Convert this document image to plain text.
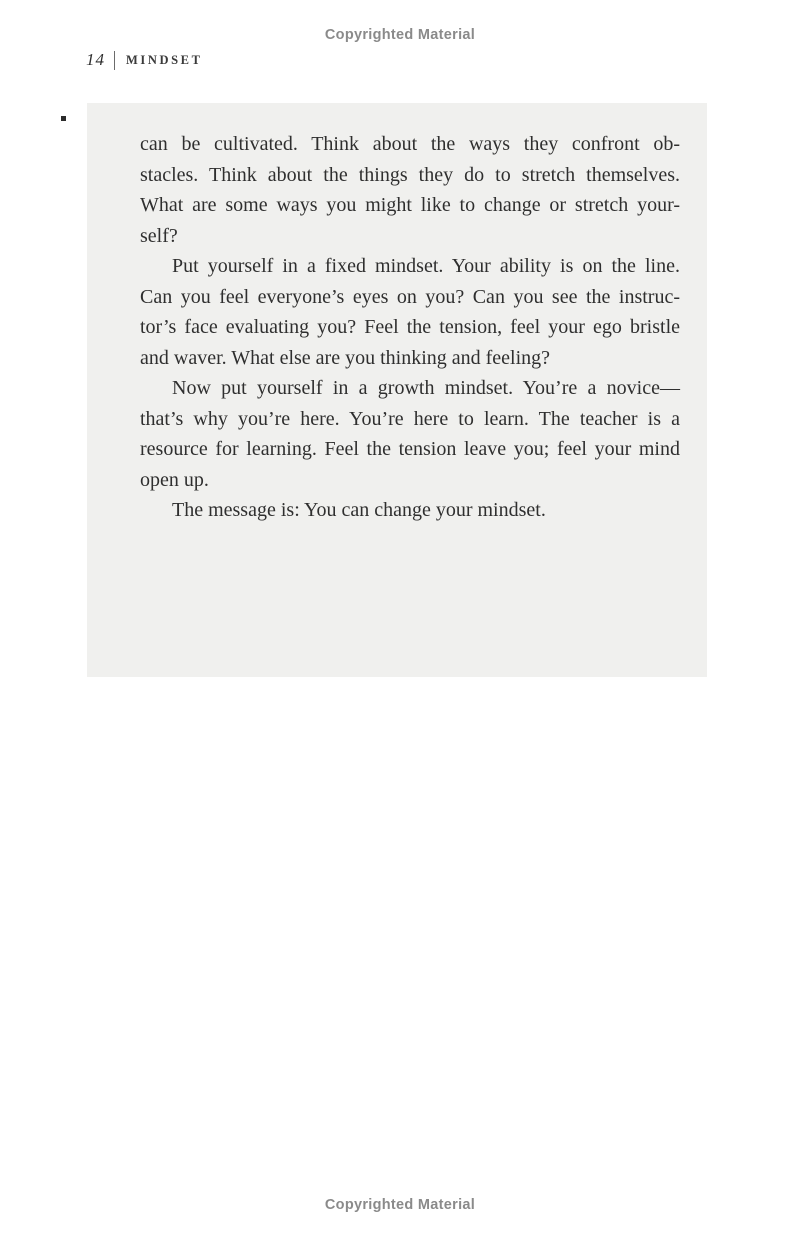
Copyrighted Material
14 MINDSET
can be cultivated. Think about the ways they confront ob-
stacles. Think about the things they do to stretch themselves.
What are some ways you might like to change or stretch your-
self?
Put yourself in a fixed mindset. Your ability is on the line.
Can you feel everyone’s eyes on you? Can you see the instruc-
tor’s face evaluating you? Feel the tension, feel your ego bristle
and waver. What else are you thinking and feeling?
Now put yourself in a growth mindset. You’re a novice—
that’s why you’re here. You’re here to learn. The teacher is a
resource for learning. Feel the tension leave you; feel your mind
open up.
The message is: You can change your mindset.
Copyrighted Material
